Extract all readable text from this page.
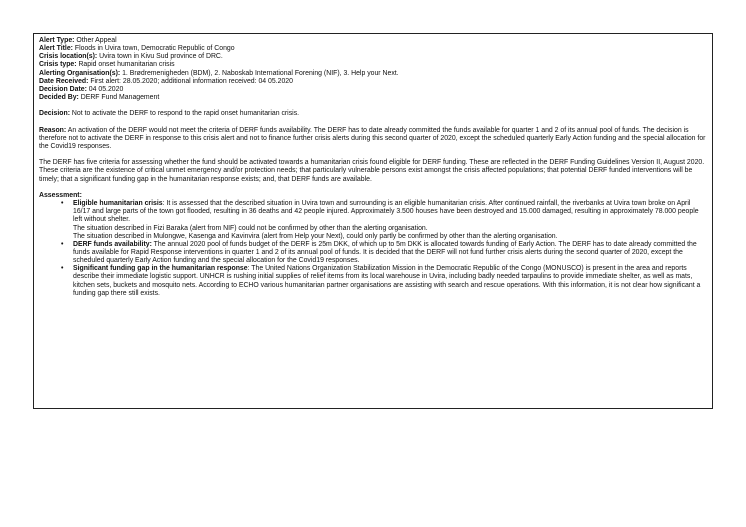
Alert Type: Other Appeal
Alert Title: Floods in Uvira town, Democratic Republic of Congo
Crisis location(s): Uvira town in Kivu Sud province of DRC.
Crisis type: Rapid onset humanitarian crisis
Alerting Organisation(s): 1. Brødremenigheden (BDM), 2. Naboskab International Forening (NIF), 3. Help your Next.
Date Received: First alert: 28.05.2020; additional information received: 04 05.2020
Decision Date: 04 05.2020
Decided By: DERF Fund Management

Decision: Not to activate the DERF to respond to the rapid onset humanitarian crisis.

Reason: An activation of the DERF would not meet the criteria of DERF funds availability. The DERF has to date already committed the funds available for quarter 1 and 2 of its annual pool of funds. The decision is therefore not to activate the DERF in response to this crisis alert and not to finance further crisis alerts during this second quarter of 2020, except the scheduled quarterly Early Action funding and the special allocation for the Covid19 responses.

The DERF has five criteria for assessing whether the fund should be activated towards a humanitarian crisis found eligible for DERF funding. These are reflected in the DERF Funding Guidelines Version II, August 2020. These criteria are the existence of critical unmet emergency and/or protection needs; that particularly vulnerable persons exist amongst the crisis affected populations; that potential DERF funded interventions will be timely; that a significant funding gap in the humanitarian response exists; and, that DERF funds are available.

Assessment:
• Eligible humanitarian crisis: It is assessed that the described situation in Uvira town and surrounding is an eligible humanitarian crisis. After continued rainfall, the riverbanks at Uvira town broke on April 16/17 and large parts of the town got flooded, resulting in 36 deaths and 42 people injured. Approximately 3.500 houses have been destroyed and 15.000 damaged, resulting in approximately 78.000 people left without shelter.
The situation described in Fizi Baraka (alert from NIF) could not be confirmed by other than the alerting organisation.
The situation described in Mulongwe, Kasenga and Kavinvira (alert from Help your Next), could only partly be confirmed by other than the alerting organisation.
• DERF funds availability: The annual 2020 pool of funds budget of the DERF is 25m DKK, of which up to 5m DKK is allocated towards funding of Early Action. The DERF has to date already committed the funds available for Rapid Response interventions in quarter 1 and 2 of its annual pool of funds. It is decided that the DERF will not fund further crisis alerts during the second quarter of 2020, except the scheduled quarterly Early Action funding and the special allocation for the Covid19 responses.
• Significant funding gap in the humanitarian response: The United Nations Organization Stabilization Mission in the Democratic Republic of the Congo (MONUSCO) is present in the area and reports describe their immediate logistic support. UNHCR is rushing initial supplies of relief items from its local warehouse in Uvira, including badly needed tarpaulins to provide immediate shelter, as well as mats, kitchen sets, buckets and mosquito nets. According to ECHO various humanitarian partner organisations are assisting with search and rescue operations. With this information, it is not clear how significant a funding gap there still exists.
